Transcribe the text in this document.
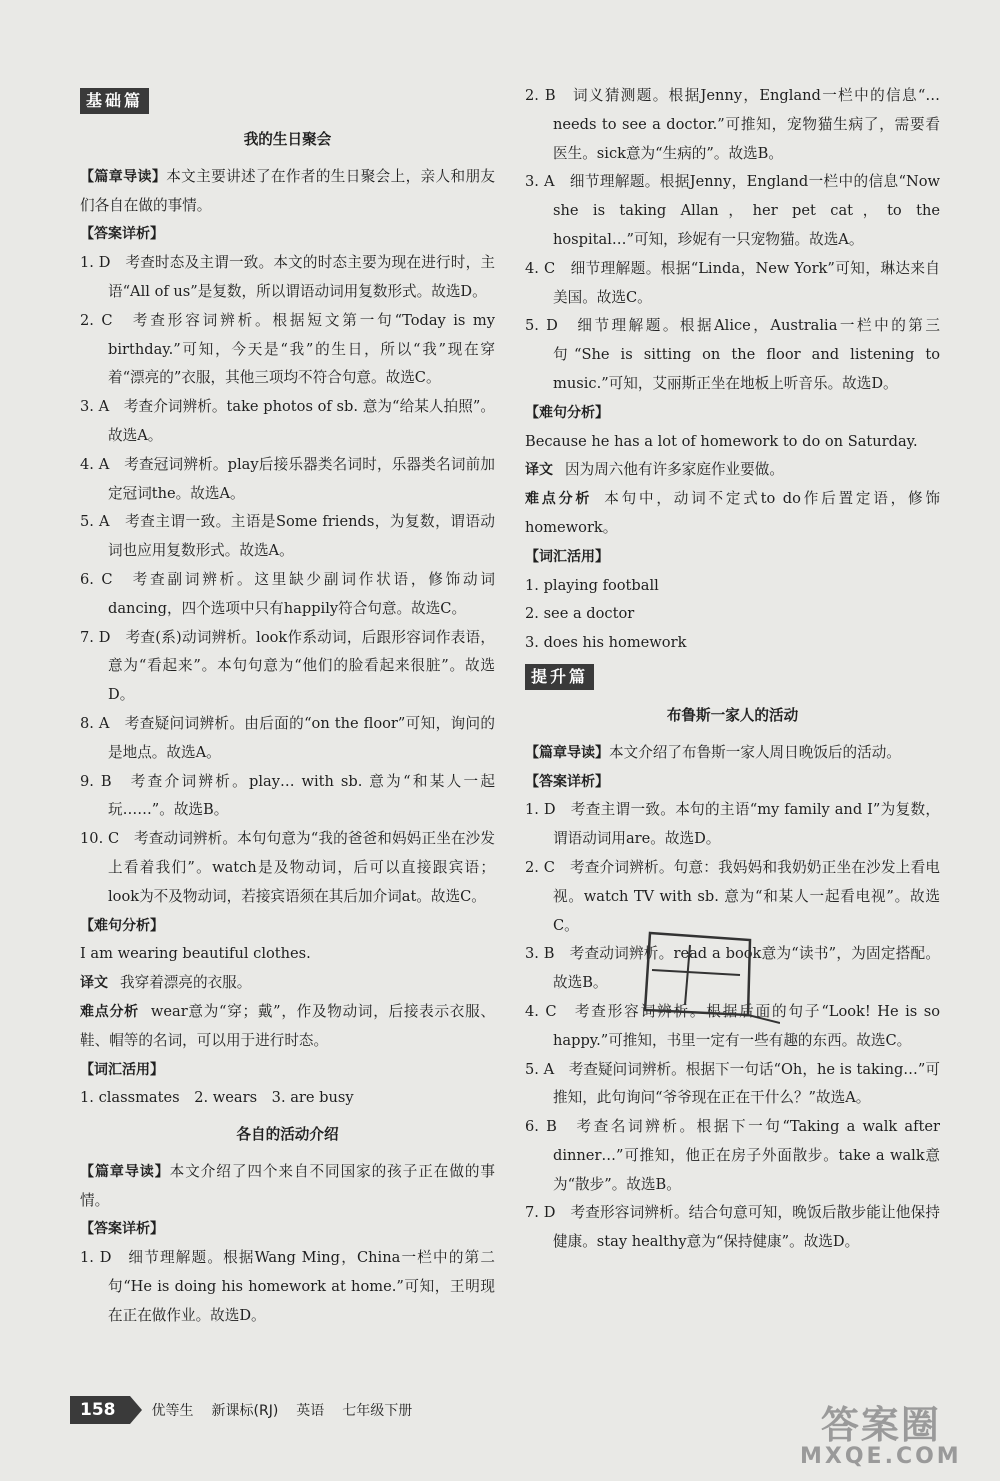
基础篇
我的生日聚会

【篇章导读】本文主要讲述了在作者的生日聚会上，亲人和朋友们各自在做的事情。

【答案详析】

1. D　考查时态及主谓一致。本文的时态主要为现在进行时，主语“All of us”是复数，所以谓语动词用复数形式。故选D。

2. C　考查形容词辨析。根据短文第一句“Today is my birthday.”可知，今天是“我”的生日，所以“我”现在穿着“漂亮的”衣服，其他三项均不符合句意。故选C。

3. A　考查介词辨析。take photos of sb. 意为“给某人拍照”。故选A。

4. A　考查冠词辨析。play后接乐器类名词时，乐器类名词前加定冠词the。故选A。

5. A　考查主谓一致。主语是Some friends，为复数，谓语动词也应用复数形式。故选A。

6. C　考查副词辨析。这里缺少副词作状语，修饰动词dancing，四个选项中只有happily符合句意。故选C。

7. D　考查(系)动词辨析。look作系动词，后跟形容词作表语，意为“看起来”。本句句意为“他们的脸看起来很脏”。故选D。

8. A　考查疑问词辨析。由后面的“on the floor”可知，询问的是地点。故选A。

9. B　考查介词辨析。play… with sb. 意为“和某人一起玩……”。故选B。

10. C　考查动词辨析。本句句意为“我的爸爸和妈妈正坐在沙发上看着我们”。watch是及物动词，后可以直接跟宾语；look为不及物动词，若接宾语须在其后加介词at。故选C。

【难句分析】

I am wearing beautiful clothes.

译文 我穿着漂亮的衣服。

难点分析 wear意为“穿；戴”，作及物动词，后接表示衣服、鞋、帽等的名词，可以用于进行时态。

【词汇活用】

1. classmates　2. wears　3. are busy

各自的活动介绍

【篇章导读】本文介绍了四个来自不同国家的孩子正在做的事情。

【答案详析】

1. D　细节理解题。根据Wang Ming，China一栏中的第二句“He is doing his homework at home.”可知，王明现在正在做作业。故选D。

2. B　词义猜测题。根据Jenny，England一栏中的信息“… needs to see a doctor.”可推知，宠物猫生病了，需要看医生。sick意为“生病的”。故选B。

3. A　细节理解题。根据Jenny，England一栏中的信息“Now she is taking Allan，her pet cat，to the hospital…”可知，珍妮有一只宠物猫。故选A。

4. C　细节理解题。根据“Linda，New York”可知，琳达来自美国。故选C。

5. D　细节理解题。根据Alice，Australia一栏中的第三句“She is sitting on the floor and listening to music.”可知，艾丽斯正坐在地板上听音乐。故选D。

【难句分析】

Because he has a lot of homework to do on Saturday.

译文 因为周六他有许多家庭作业要做。

难点分析 本句中，动词不定式to do作后置定语，修饰homework。

【词汇活用】

1. playing football

2. see a doctor

3. does his homework

提升篇
布鲁斯一家人的活动

【篇章导读】本文介绍了布鲁斯一家人周日晚饭后的活动。

【答案详析】

1. D　考查主谓一致。本句的主语“my family and I”为复数，谓语动词用are。故选D。

2. C　考查介词辨析。句意：我妈妈和我奶奶正坐在沙发上看电视。watch TV with sb. 意为“和某人一起看电视”。故选C。

3. B　考查动词辨析。read a book意为“读书”，为固定搭配。故选B。

4. C　考查形容词辨析。根据后面的句子“Look! He is so happy.”可推知，书里一定有一些有趣的东西。故选C。

5. A　考查疑问词辨析。根据下一句话“Oh，he is taking…”可推知，此句询问“爷爷现在正在干什么？”故选A。

6. B　考查名词辨析。根据下一句“Taking a walk after dinner…”可推知，他正在房子外面散步。take a walk意为“散步”。故选B。

7. D　考查形容词辨析。结合句意可知，晚饭后散步能让他保持健康。stay healthy意为“保持健康”。故选D。

158	优等生 新课标(RJ) 英语 七年级下册	答案圈
MXQE.COM
